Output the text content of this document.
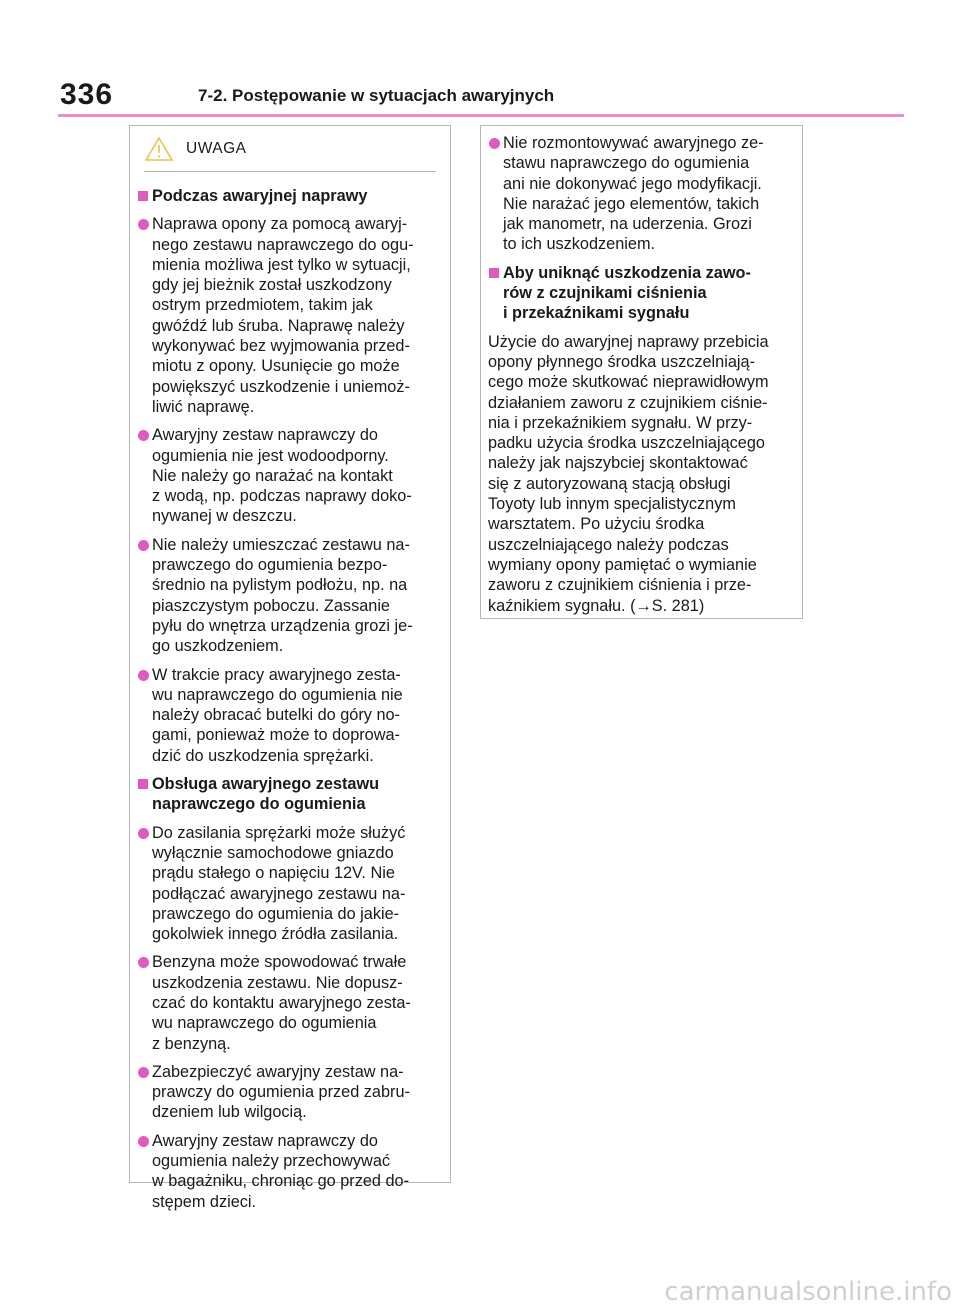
336	7-2. Postępowanie w sytuacjach awaryjnych
UWAGA
Podczas awaryjnej naprawy
Naprawa opony za pomocą awaryj-
nego zestawu naprawczego do ogu-
mienia możliwa jest tylko w sytuacji,
gdy jej bieżnik został uszkodzony
ostrym przedmiotem, takim jak
gwóźdź lub śruba. Naprawę należy
wykonywać bez wyjmowania przed-
miotu z opony. Usunięcie go może
powiększyć uszkodzenie i uniemoż-
liwić naprawę.
Awaryjny zestaw naprawczy do
ogumienia nie jest wodoodporny.
Nie należy go narażać na kontakt
z wodą, np. podczas naprawy doko-
nywanej w deszczu.
Nie należy umieszczać zestawu na-
prawczego do ogumienia bezpo-
średnio na pylistym podłożu, np. na
piaszczystym poboczu. Zassanie
pyłu do wnętrza urządzenia grozi je-
go uszkodzeniem.
W trakcie pracy awaryjnego zesta-
wu naprawczego do ogumienia nie
należy obracać butelki do góry no-
gami, ponieważ może to doprowa-
dzić do uszkodzenia sprężarki.
Obsługa awaryjnego zestawu
naprawczego do ogumienia
Do zasilania sprężarki może służyć
wyłącznie samochodowe gniazdo
prądu stałego o napięciu 12V. Nie
podłączać awaryjnego zestawu na-
prawczego do ogumienia do jakie-
gokolwiek innego źródła zasilania.
Benzyna może spowodować trwałe
uszkodzenia zestawu. Nie dopusz-
czać do kontaktu awaryjnego zesta-
wu naprawczego do ogumienia
z benzyną.
Zabezpieczyć awaryjny zestaw na-
prawczy do ogumienia przed zabru-
dzeniem lub wilgocią.
Awaryjny zestaw naprawczy do
ogumienia należy przechowywać
w bagażniku, chroniąc go przed do-
stępem dzieci.
Nie rozmontowywać awaryjnego ze-
stawu naprawczego do ogumienia
ani nie dokonywać jego modyfikacji.
Nie narażać jego elementów, takich
jak manometr, na uderzenia. Grozi
to ich uszkodzeniem.
Aby uniknąć uszkodzenia zawo-
rów z czujnikami ciśnienia
i przekaźnikami sygnału
Użycie do awaryjnej naprawy przebicia
opony płynnego środka uszczelniają-
cego może skutkować nieprawidłowym
działaniem zaworu z czujnikiem ciśnie-
nia i przekaźnikiem sygnału. W przy-
padku użycia środka uszczelniającego
należy jak najszybciej skontaktować
się z autoryzowaną stacją obsługi
Toyoty lub innym specjalistycznym
warsztatem. Po użyciu środka
uszczelniającego należy podczas
wymiany opony pamiętać o wymianie
zaworu z czujnikiem ciśnienia i prze-
kaźnikiem sygnału. (→S. 281)
carmanualsonline.info
